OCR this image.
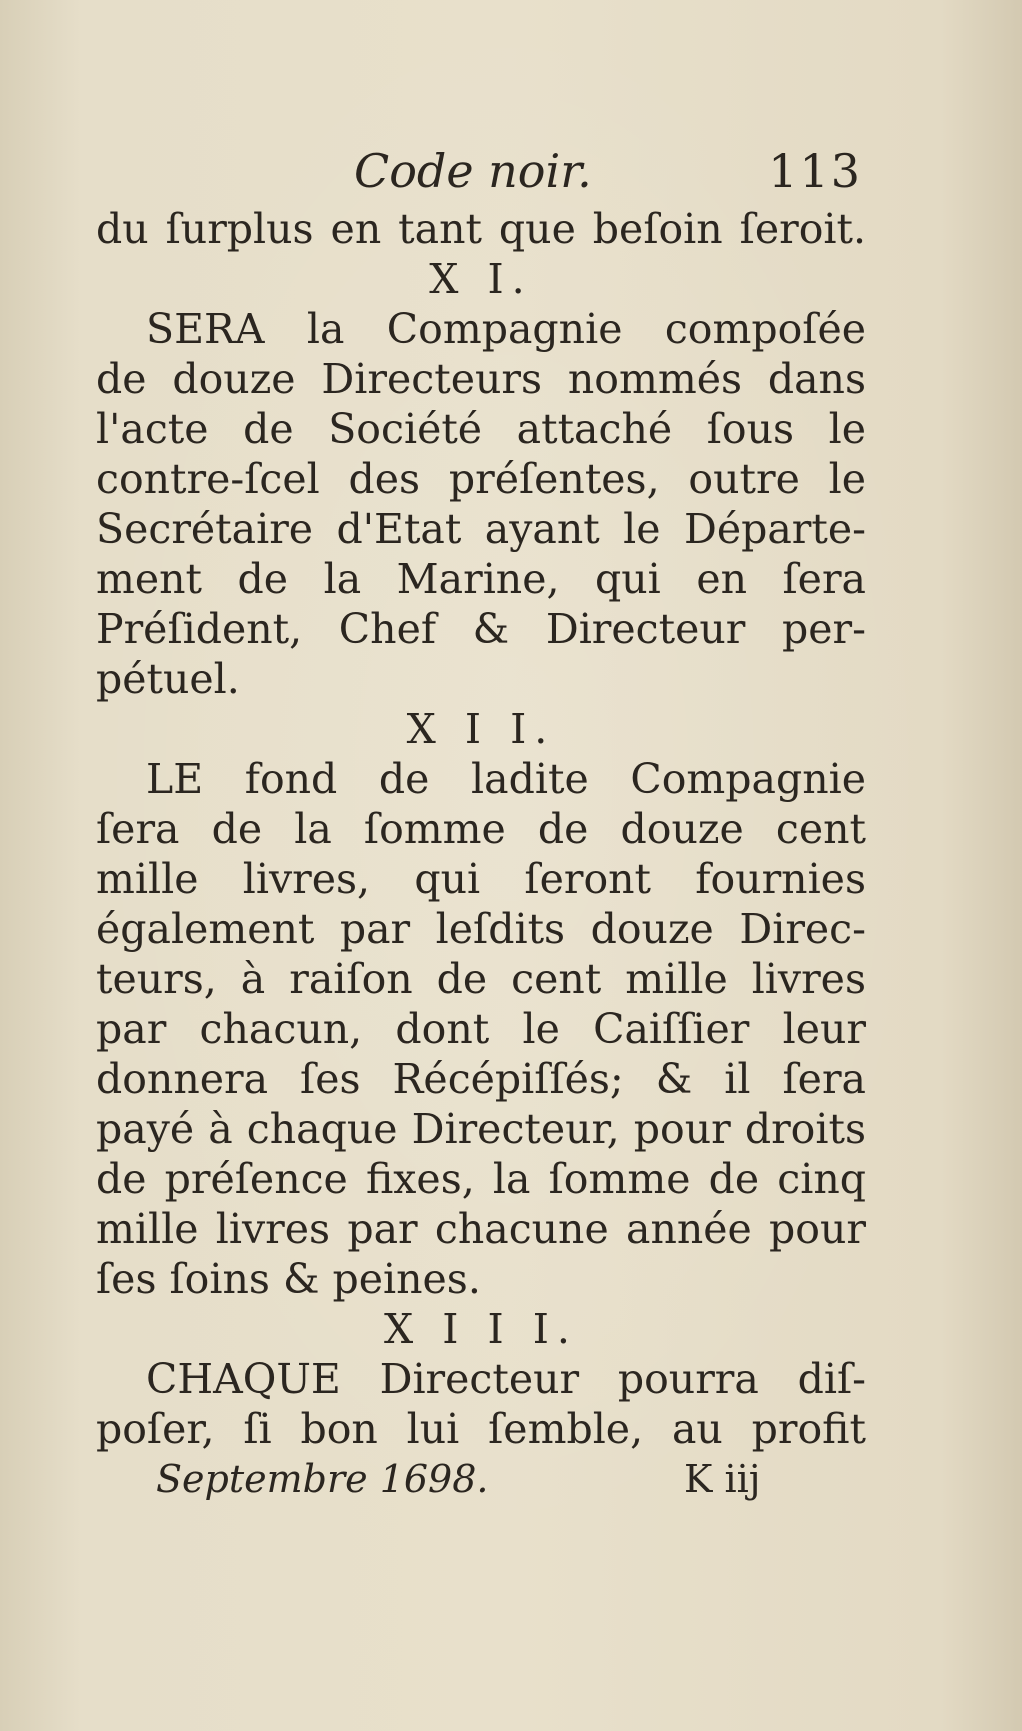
Code noir.	113
du ſurplus en tant que beſoin ſeroit.
X I.
SERA la Compagnie compoſée
de douze Directeurs nommés dans
l'acte de Société attaché ſous le
contre-ſcel des préſentes, outre le
Secrétaire d'Etat ayant le Départe-
ment de la Marine, qui en ſera
Préſident, Chef & Directeur per-
pétuel.
X I I.
LE fond de ladite Compagnie
ſera de la ſomme de douze cent
mille livres, qui ſeront fournies
également par leſdits douze Direc-
teurs, à raiſon de cent mille livres
par chacun, dont le Caiſſier leur
donnera ſes Récépiſſés; & il ſera
payé à chaque Directeur, pour droits
de préſence fixes, la ſomme de cinq
mille livres par chacune année pour
ſes ſoins & peines.
X I I I.
CHAQUE Directeur pourra diſ-
poſer, ſi bon lui ſemble, au profit
Septembre 1698.	K iij
